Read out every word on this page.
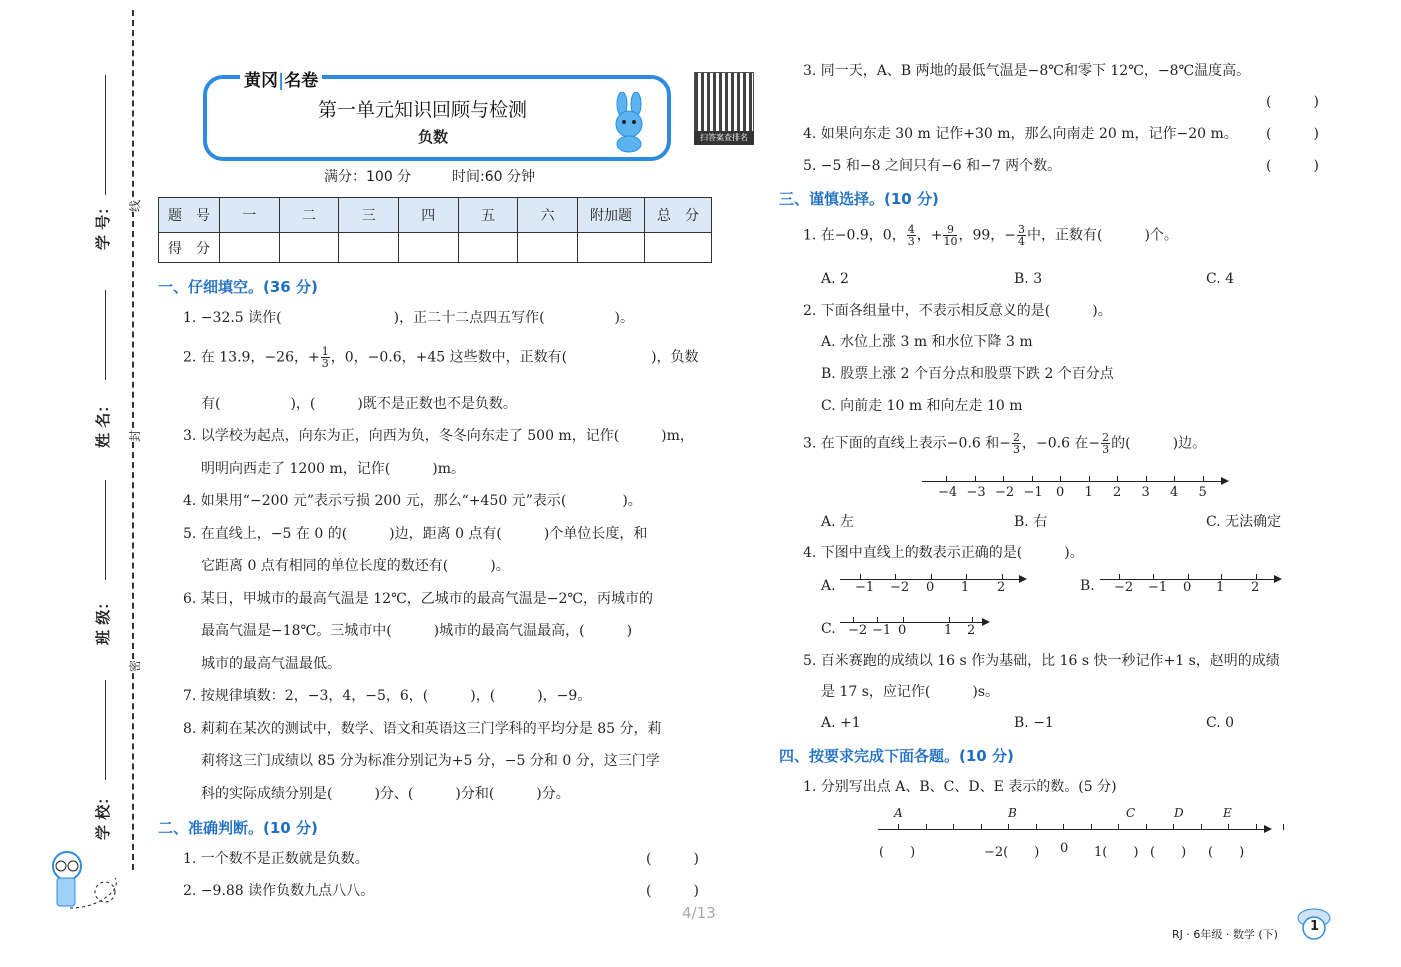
学 号：
姓 名：
班 级：
学 校：
线
封
密
黄冈|名卷
第一单元知识回顾与检测
负数	扫答案查排名
满分：100 分	时间:60 分钟
题　号	一	二	三	四	五	六	附加题	总　分
得　分								
一、仔细填空。(36 分)
1. −32.5 读作(　　　　　　　　)，正二十二点四五写作(　　　　　)。
2. 在 13.9，−26，+ $\frac{1}{3}$ ，0，−0.6，+45 这些数中，正数有(　　　　　　)，负数
有(　　　　　)，(　　　)既不是正数也不是负数。
3. 以学校为起点，向东为正，向西为负，冬冬向东走了 500 m，记作(　　　)m，
明明向西走了 1200 m，记作(　　　)m。
4. 如果用“−200 元”表示亏损 200 元，那么“+450 元”表示(　　　　)。
5. 在直线上，−5 在 0 的(　　　)边，距离 0 点有(　　　)个单位长度，和
它距离 0 点有相同的单位长度的数还有(　　　)。
6. 某日，甲城市的最高气温是 12℃，乙城市的最高气温是−2℃，丙城市的
最高气温是−18℃。三城市中(　　　)城市的最高气温最高，(　　　)
城市的最高气温最低。
7. 按规律填数：2，−3，4，−5，6，(　　　)，(　　　)，−9。
8. 莉莉在某次的测试中，数学、语文和英语这三门学科的平均分是 85 分，莉
莉将这三门成绩以 85 分为标准分别记为+5 分，−5 分和 0 分，这三门学
科的实际成绩分别是(　　　)分、(　　　)分和(　　　)分。
二、准确判断。(10 分)
1. 一个数不是正数就是负数。	(　　　)
2. −9.88 读作负数九点八八。	(　　　)
3. 同一天，A、B 两地的最低气温是−8℃和零下 12℃，−8℃温度高。
(　　　)
4. 如果向东走 30 m 记作+30 m，那么向南走 20 m，记作−20 m。 (　　　)
5. −5 和−8 之间只有−6 和−7 两个数。	(　　　)
三、谨慎选择。(10 分)
1. 在−0.9，0， $\frac{4}{3}$ ，+ $\frac{9}{10}$ ，99，− $\frac{3}{4}$ 中，正数有(　　　)个。
A. 2	B. 3	C. 4
2. 下面各组量中，不表示相反意义的是(　　　)。
A. 水位上涨 3 m 和水位下降 3 m
B. 股票上涨 2 个百分点和股票下跌 2 个百分点
C. 向前走 10 m 和向左走 10 m
3. 在下面的直线上表示−0.6 和− $\frac{2}{3}$ ，−0.6 在− $\frac{2}{3}$ 的(　　　)边。
−4 −3 −2 −1 0 1 2 3 4 5
A. 左	B. 右	C. 无法确定
4. 下图中直线上的数表示正确的是(　　　)。
A.	B.
C.
−1 −2 0 1 2	−2 −1 0 1 2
−2 −1 0	1 2
5. 百米赛跑的成绩以 16 s 作为基础，比 16 s 快一秒记作+1 s，赵明的成绩
是 17 s，应记作(　　　)s。
A. +1	B. −1	C. 0
四、按要求完成下面各题。(10 分)
1. 分别写出点 A、B、C、D、E 表示的数。(5 分)
A	B	C	D	E
(　　)	−2(　　) 0 1(　　) (　　) (　　)
4/13
RJ · 6年级 · 数学 (下)
1
